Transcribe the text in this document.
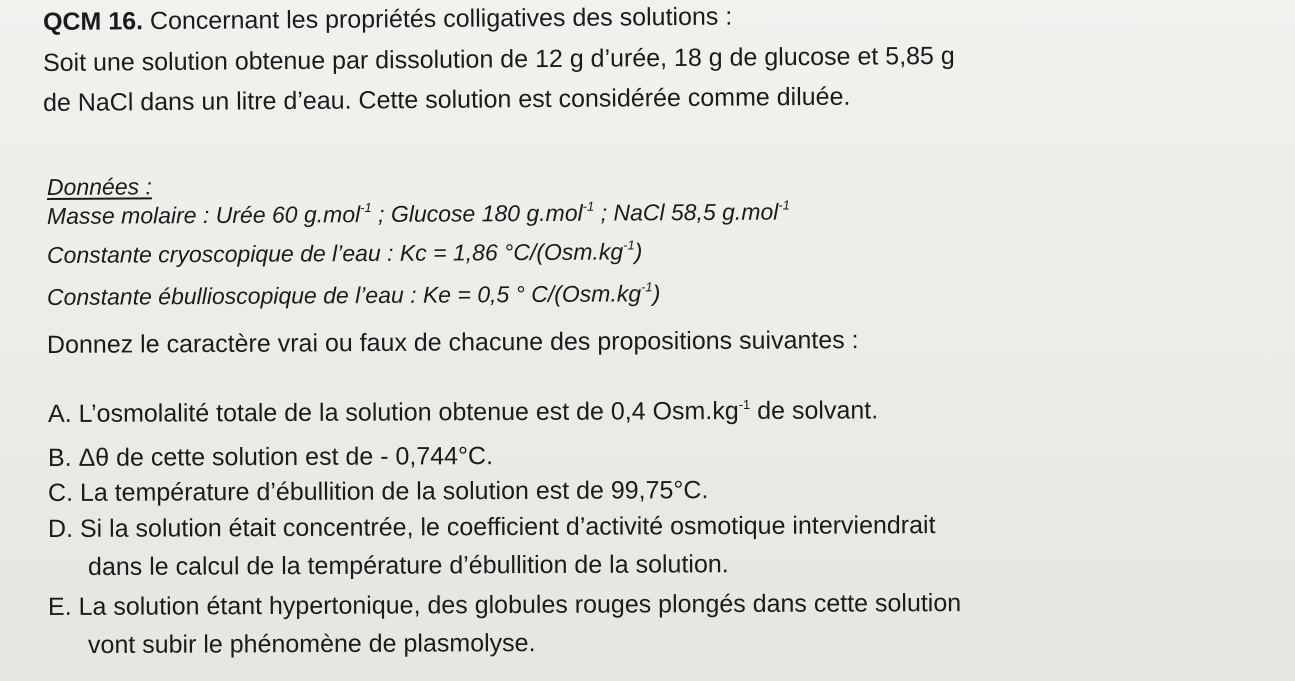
QCM 16. Concernant les propriétés colligatives des solutions :

Soit une solution obtenue par dissolution de 12 g d’urée, 18 g de glucose et 5,85 g

de NaCl dans un litre d’eau. Cette solution est considérée comme diluée.

Données :

Masse molaire : Urée 60 g.mol$^{-1}$ ; Glucose 180 g.mol$^{-1}$ ; NaCl 58,5 g.mol$^{-1}$

Constante cryoscopique de l’eau : Kc = 1,86 $^\circ C/(Osm.kg^{-1})$

Constante ébullioscopique de l’eau : Ke = 0,5 ° $C/(Osm.kg^{-1})$

Donnez le caractère vrai ou faux de chacune des propositions suivantes :

A. L’osmolalité totale de la solution obtenue est de 0,4 $Osm.kg^{-1}$ de solvant.

B. Δθ de cette solution est de - 0,744°C.

C. La température d’ébullition de la solution est de 99,75°C.

D. Si la solution était concentrée, le coefficient d’activité osmotique interviendrait

dans le calcul de la température d’ébullition de la solution.

E. La solution étant hypertonique, des globules rouges plongés dans cette solution

vont subir le phénomène de plasmolyse.
